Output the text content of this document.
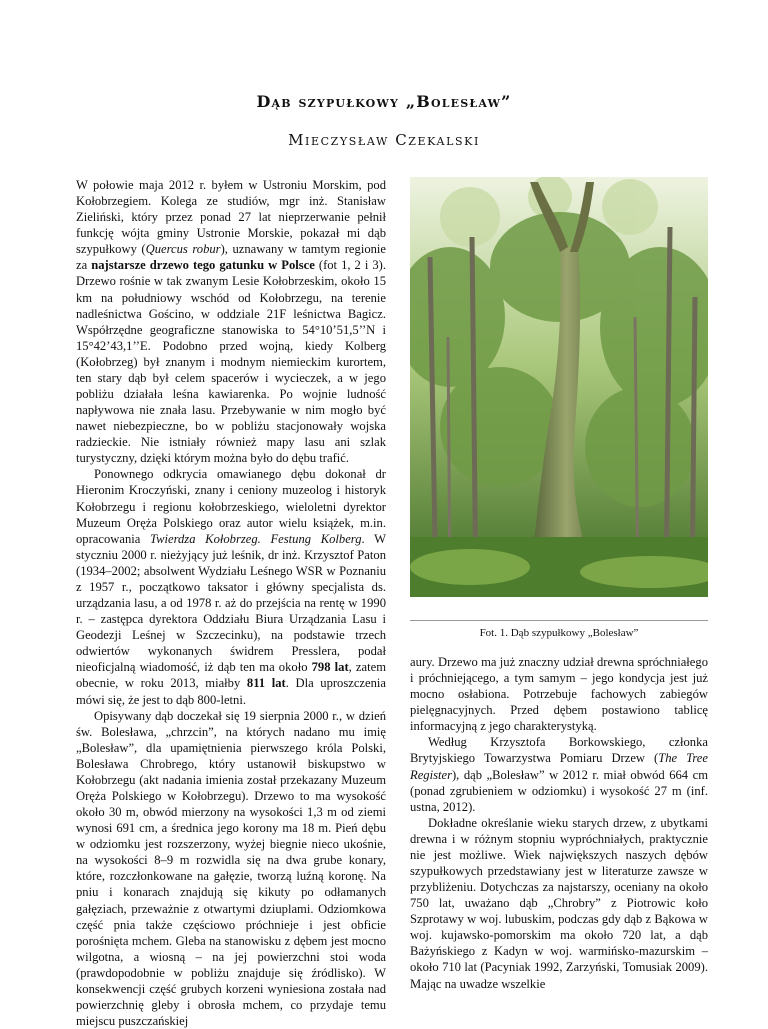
Dąb szypułkowy „Bolesław”
Mieczysław Czekalski

W połowie maja 2012 r. byłem w Ustroniu Morskim, pod Kołobrzegiem. Kolega ze studiów, mgr inż. Stanisław Zieliński, który przez ponad 27 lat nieprzerwanie pełnił funkcję wójta gminy Ustronie Morskie, pokazał mi dąb szypułkowy (Quercus robur), uznawany w tamtym regionie za najstarsze drzewo tego gatunku w Polsce (fot 1, 2 i 3). Drzewo rośnie w tak zwanym Lesie Kołobrzeskim, około 15 km na południowy wschód od Kołobrzegu, na terenie nadleśnictwa Gościno, w oddziale 21F leśnictwa Bagicz. Współrzędne geograficzne stanowiska to 54°10’51,5’’N i 15°42’43,1’’E. Podobno przed wojną, kiedy Kolberg (Kołobrzeg) był znanym i modnym niemieckim kurortem, ten stary dąb był celem spacerów i wycieczek, a w jego pobliżu działała leśna kawiarenka. Po wojnie ludność napływowa nie znała lasu. Przebywanie w nim mogło być nawet niebezpieczne, bo w pobliżu stacjonowały wojska radzieckie. Nie istniały również mapy lasu ani szlak turystyczny, dzięki którym można było do dębu trafić.

Ponownego odkrycia omawianego dębu dokonał dr Hieronim Kroczyński, znany i ceniony muzeolog i historyk Kołobrzegu i regionu kołobrzeskiego, wieloletni dyrektor Muzeum Oręża Polskiego oraz autor wielu książek, m.in. opracowania Twierdza Kołobrzeg. Festung Kolberg. W styczniu 2000 r. nieżyjący już leśnik, dr inż. Krzysztof Paton (1934–2002; absolwent Wydziału Leśnego WSR w Poznaniu z 1957 r., początkowo taksator i główny specjalista ds. urządzania lasu, a od 1978 r. aż do przejścia na rentę w 1990 r. – zastępca dyrektora Oddziału Biura Urządzania Lasu i Geodezji Leśnej w Szczecinku), na podstawie trzech odwiertów wykonanych świdrem Presslera, podał nieoficjalną wiadomość, iż dąb ten ma około 798 lat, zatem obecnie, w roku 2013, miałby 811 lat. Dla uproszczenia mówi się, że jest to dąb 800-letni.

Opisywany dąb doczekał się 19 sierpnia 2000 r., w dzień św. Bolesława, „chrzcin”, na których nadano mu imię „Bolesław”, dla upamiętnienia pierwszego króla Polski, Bolesława Chrobrego, który ustanowił biskupstwo w Kołobrzegu (akt nadania imienia został przekazany Muzeum Oręża Polskiego w Kołobrzegu). Drzewo to ma wysokość około 30 m, obwód mierzony na wysokości 1,3 m od ziemi wynosi 691 cm, a średnica jego korony ma 18 m. Pień dębu w odziomku jest rozszerzony, wyżej biegnie nieco ukośnie, na wysokości 8–9 m rozwidla się na dwa grube konary, które, rozczłonkowane na gałęzie, tworzą luźną koronę. Na pniu i konarach znajdują się kikuty po odłamanych gałęziach, przeważnie z otwartymi dziuplami. Odziomkowa część pnia także częściowo próchnieje i jest obficie porośnięta mchem. Gleba na stanowisku z dębem jest mocno wilgotna, a wiosną – na jej powierzchni stoi woda (prawdopodobnie w pobliżu znajduje się źródlisko). W konsekwencji część grubych korzeni wyniesiona została nad powierzchnię gleby i obrosła mchem, co przydaje temu miejscu puszczańskiej

Fot. 1. Dąb szypułkowy „Bolesław”

aury. Drzewo ma już znaczny udział drewna spróchniałego i próchniejącego, a tym samym – jego kondycja jest już mocno osłabiona. Potrzebuje fachowych zabiegów pielęgnacyjnych. Przed dębem postawiono tablicę informacyjną z jego charakterystyką.

Według Krzysztofa Borkowskiego, członka Brytyjskiego Towarzystwa Pomiaru Drzew (The Tree Register), dąb „Bolesław” w 2012 r. miał obwód 664 cm (ponad zgrubieniem w odziomku) i wysokość 27 m (inf. ustna, 2012).

Dokładne określanie wieku starych drzew, z ubytkami drewna i w różnym stopniu wypróchniałych, praktycznie nie jest możliwe. Wiek największych naszych dębów szypułkowych przedstawiany jest w literaturze zawsze w przybliżeniu. Dotychczas za najstarszy, oceniany na około 750 lat, uważano dąb „Chrobry” z Piotrowic koło Szprotawy w woj. lubuskim, podczas gdy dąb z Bąkowa w woj. kujawsko-pomorskim ma około 720 lat, a dąb Bażyńskiego z Kadyn w woj. warmińsko-mazurskim – około 710 lat (Pacyniak 1992, Zarzyński, Tomusiak 2009). Mając na uwadze wszelkie
